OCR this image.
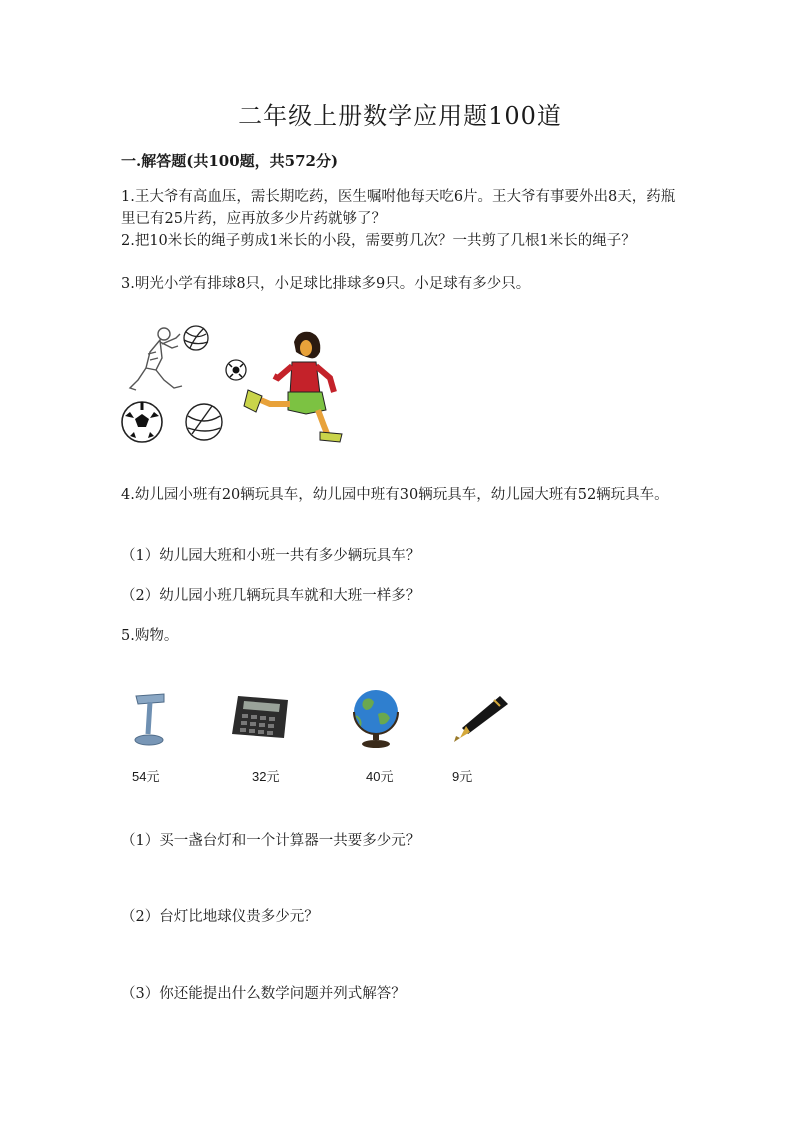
二年级上册数学应用题100道
一.解答题(共100题，共572分)

1.王大爷有高血压，需长期吃药，医生嘱咐他每天吃6片。王大爷有事要外出8天，药瓶里已有25片药，应再放多少片药就够了？

2.把10米长的绳子剪成1米长的小段，需要剪几次？一共剪了几根1米长的绳子？

3.明光小学有排球8只，小足球比排球多9只。小足球有多少只。

4.幼儿园小班有20辆玩具车，幼儿园中班有30辆玩具车，幼儿园大班有52辆玩具车。

（1）幼儿园大班和小班一共有多少辆玩具车？

（2）幼儿园小班几辆玩具车就和大班一样多？

5.购物。

54元	32元	40元	9元

（1）买一盏台灯和一个计算器一共要多少元？

（2）台灯比地球仪贵多少元？

（3）你还能提出什么数学问题并列式解答？
